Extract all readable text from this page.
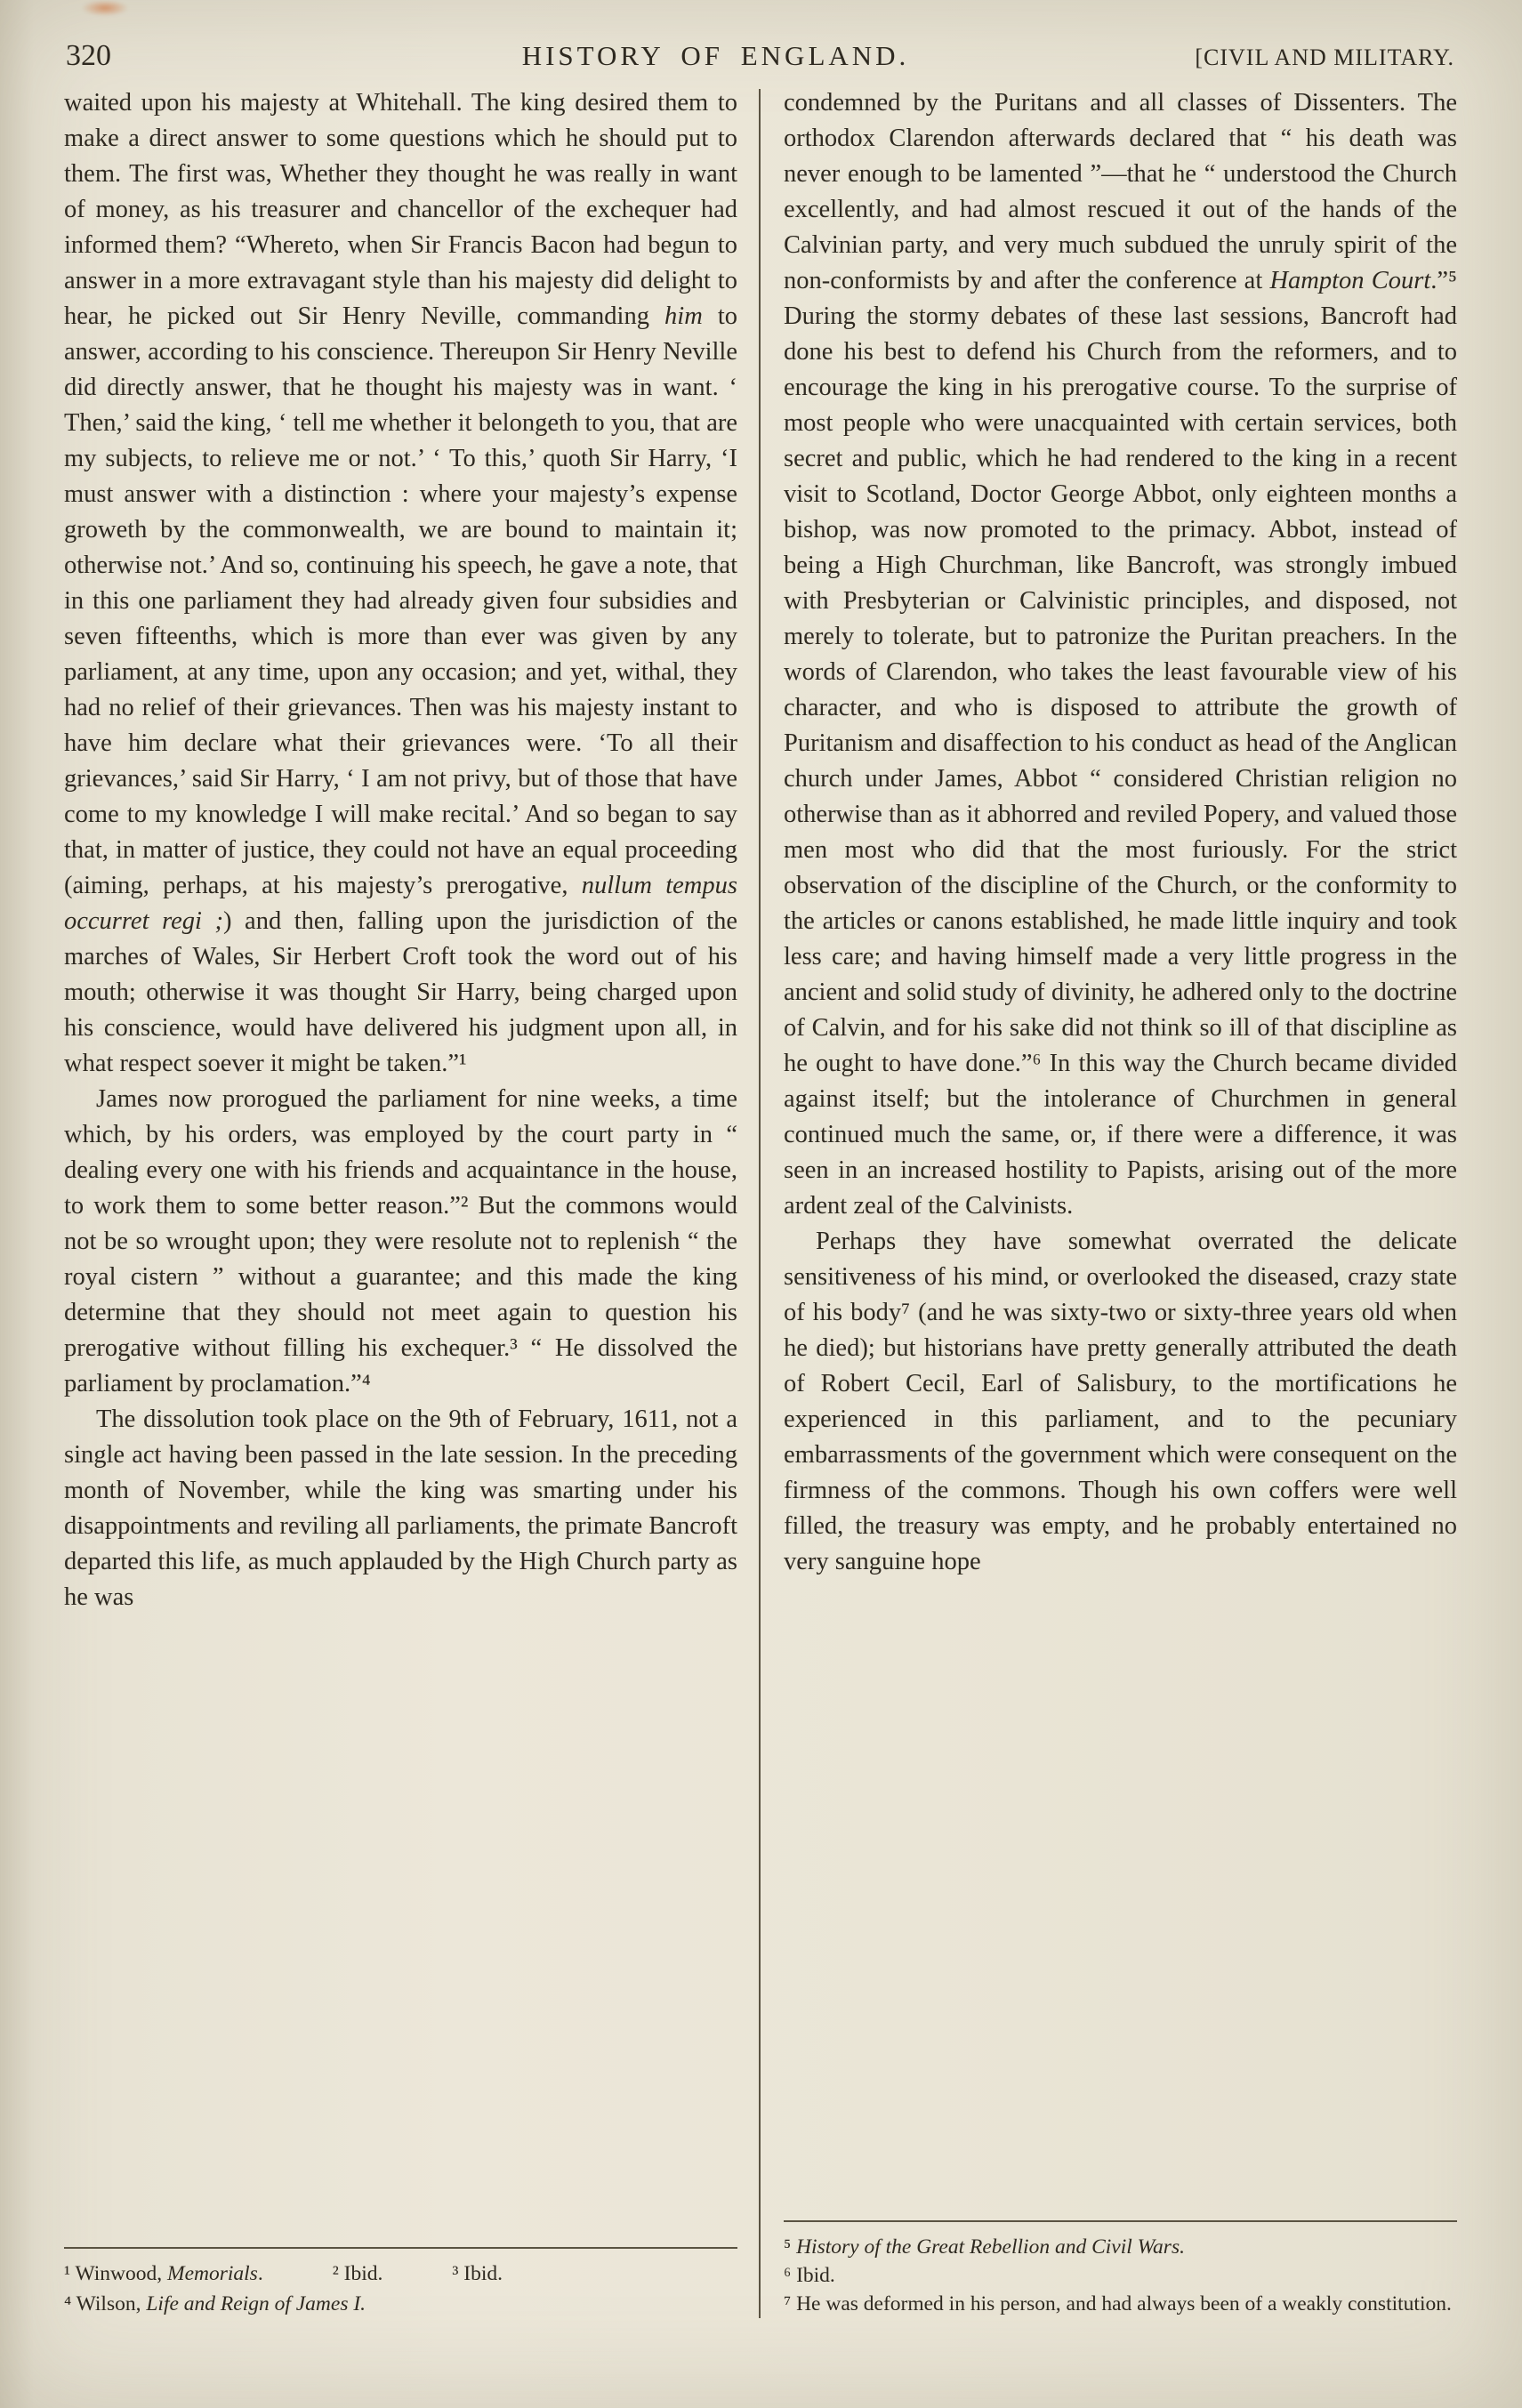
320	HISTORY OF ENGLAND.	[CIVIL AND MILITARY.

waited upon his majesty at Whitehall. The king desired them to make a direct answer to some questions which he should put to them. The first was, Whether they thought he was really in want of money, as his treasurer and chancellor of the exchequer had informed them? “Whereto, when Sir Francis Bacon had begun to answer in a more extravagant style than his majesty did delight to hear, he picked out Sir Henry Neville, commanding him to answer, according to his conscience. Thereupon Sir Henry Neville did directly answer, that he thought his majesty was in want. ‘ Then,’ said the king, ‘ tell me whether it belongeth to you, that are my subjects, to relieve me or not.’ ‘ To this,’ quoth Sir Harry, ‘I must answer with a distinction : where your majesty’s expense groweth by the commonwealth, we are bound to maintain it; otherwise not.’ And so, continuing his speech, he gave a note, that in this one parliament they had already given four subsidies and seven fifteenths, which is more than ever was given by any parliament, at any time, upon any occasion; and yet, withal, they had no relief of their grievances. Then was his majesty instant to have him declare what their grievances were. ‘To all their grievances,’ said Sir Harry, ‘ I am not privy, but of those that have come to my knowledge I will make recital.’ And so began to say that, in matter of justice, they could not have an equal proceeding (aiming, perhaps, at his majesty’s prerogative, nullum tempus occurret regi ;) and then, falling upon the jurisdiction of the marches of Wales, Sir Herbert Croft took the word out of his mouth; otherwise it was thought Sir Harry, being charged upon his conscience, would have delivered his judgment upon all, in what respect soever it might be taken.”¹

James now prorogued the parliament for nine weeks, a time which, by his orders, was employed by the court party in “ dealing every one with his friends and acquaintance in the house, to work them to some better reason.”² But the commons would not be so wrought upon; they were resolute not to replenish “ the royal cistern ” without a guarantee; and this made the king determine that they should not meet again to question his prerogative without filling his exchequer.³ “ He dissolved the parliament by proclamation.”⁴

The dissolution took place on the 9th of February, 1611, not a single act having been passed in the late session. In the preceding month of November, while the king was smarting under his disappointments and reviling all parliaments, the primate Bancroft departed this life, as much applauded by the High Church party as he was

¹ Winwood, Memorials.	² Ibid.	³ Ibid.
⁴ Wilson, Life and Reign of James I.

condemned by the Puritans and all classes of Dissenters. The orthodox Clarendon afterwards declared that “ his death was never enough to be lamented ”—that he “ understood the Church excellently, and had almost rescued it out of the hands of the Calvinian party, and very much subdued the unruly spirit of the non-conformists by and after the conference at Hampton Court.”⁵ During the stormy debates of these last sessions, Bancroft had done his best to defend his Church from the reformers, and to encourage the king in his prerogative course. To the surprise of most people who were unacquainted with certain services, both secret and public, which he had rendered to the king in a recent visit to Scotland, Doctor George Abbot, only eighteen months a bishop, was now promoted to the primacy. Abbot, instead of being a High Churchman, like Bancroft, was strongly imbued with Presbyterian or Calvinistic principles, and disposed, not merely to tolerate, but to patronize the Puritan preachers. In the words of Clarendon, who takes the least favourable view of his character, and who is disposed to attribute the growth of Puritanism and disaffection to his conduct as head of the Anglican church under James, Abbot “ considered Christian religion no otherwise than as it abhorred and reviled Popery, and valued those men most who did that the most furiously. For the strict observation of the discipline of the Church, or the conformity to the articles or canons established, he made little inquiry and took less care; and having himself made a very little progress in the ancient and solid study of divinity, he adhered only to the doctrine of Calvin, and for his sake did not think so ill of that discipline as he ought to have done.”⁶ In this way the Church became divided against itself; but the intolerance of Churchmen in general continued much the same, or, if there were a difference, it was seen in an increased hostility to Papists, arising out of the more ardent zeal of the Calvinists.

Perhaps they have somewhat overrated the delicate sensitiveness of his mind, or overlooked the diseased, crazy state of his body⁷ (and he was sixty-two or sixty-three years old when he died); but historians have pretty generally attributed the death of Robert Cecil, Earl of Salisbury, to the mortifications he experienced in this parliament, and to the pecuniary embarrassments of the government which were consequent on the firmness of the commons. Though his own coffers were well filled, the treasury was empty, and he probably entertained no very sanguine hope

⁵ History of the Great Rebellion and Civil Wars.
⁶ Ibid.
⁷ He was deformed in his person, and had always been of a weakly constitution.
